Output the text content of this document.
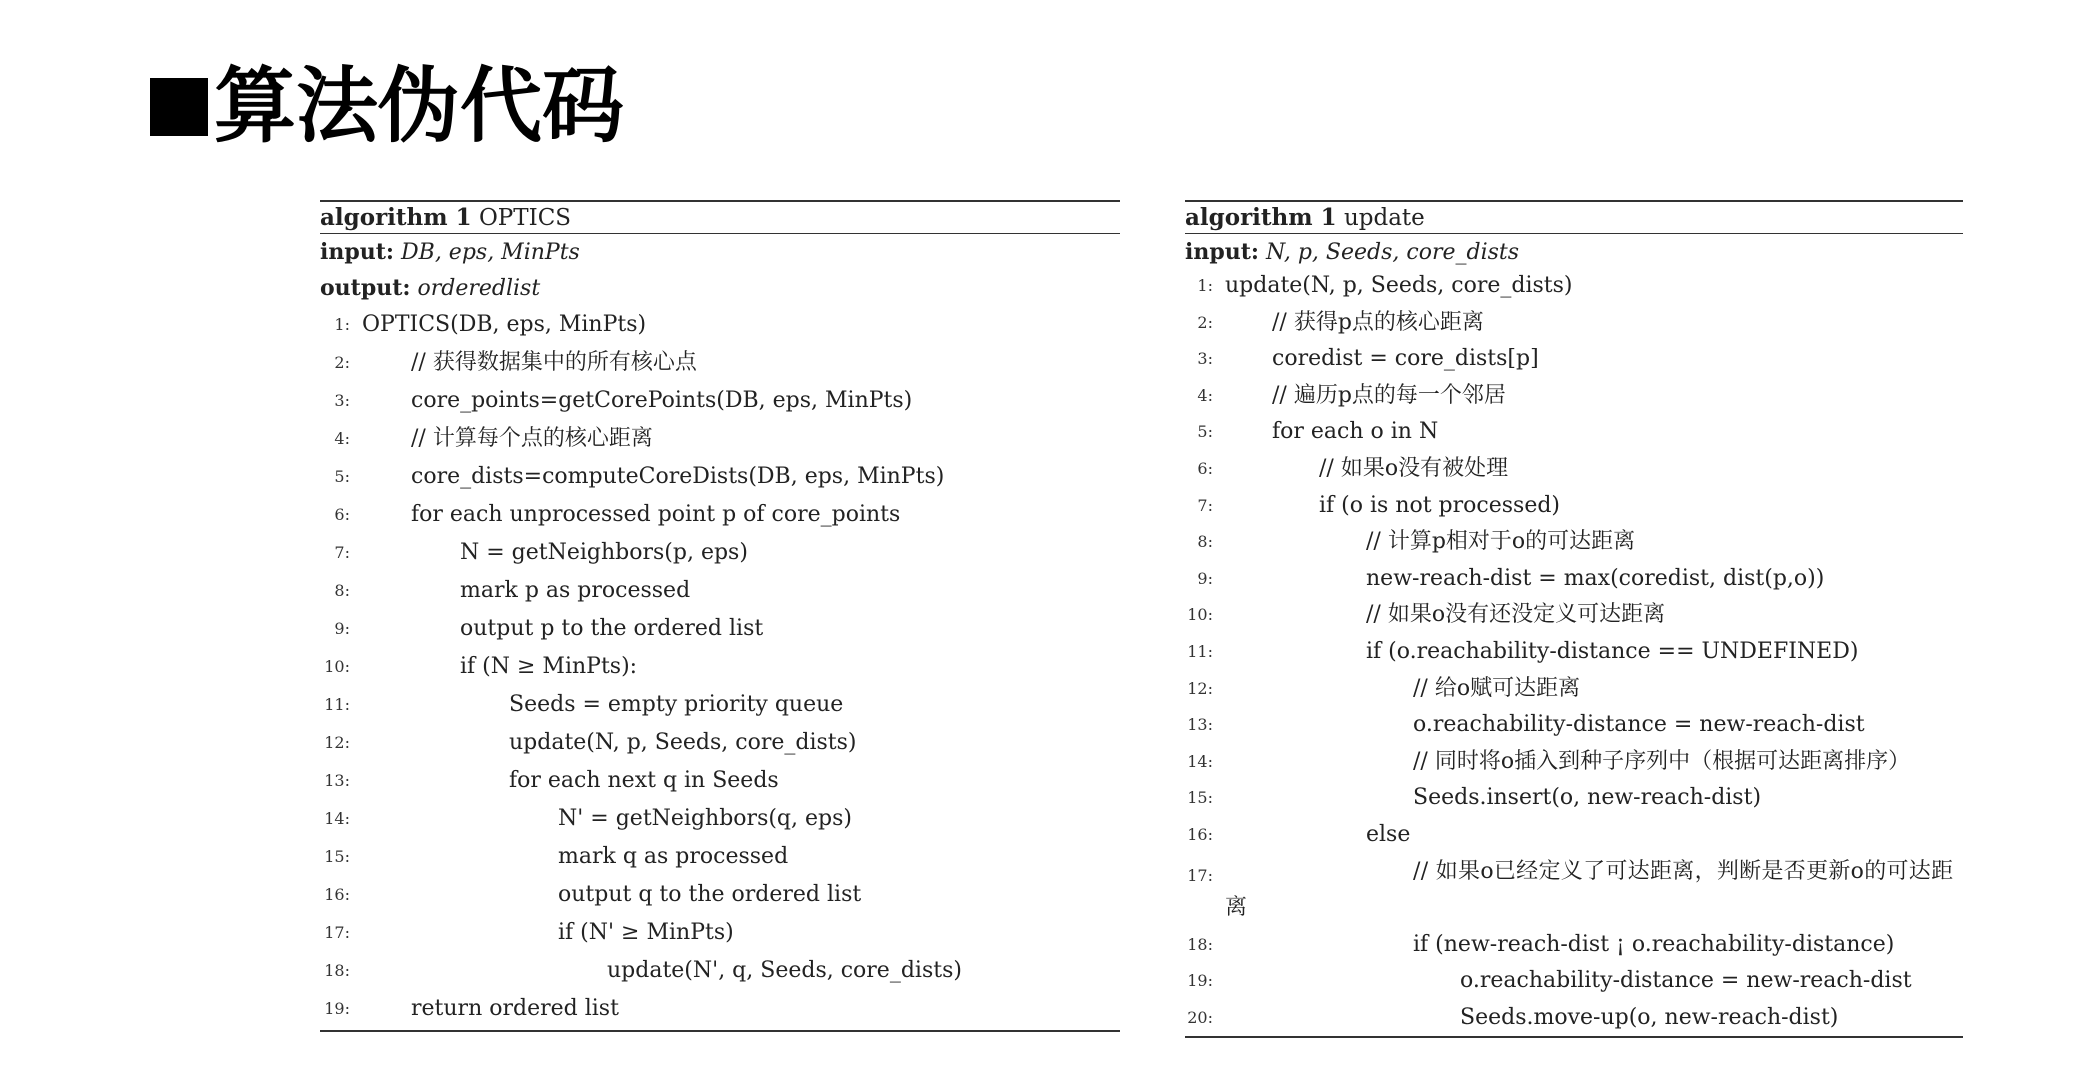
算法伪代码
algorithm 1 OPTICS
input: DB, eps, MinPts
output: orderedlist
1: OPTICS(DB, eps, MinPts)
2:	// 获得数据集中的所有核心点
3:	core_points=getCorePoints(DB, eps, MinPts)
4:	// 计算每个点的核心距离
5:	core_dists=computeCoreDists(DB, eps, MinPts)
6:	for each unprocessed point p of core_points
7:	N = getNeighbors(p, eps)
8:	mark p as processed
9:	output p to the ordered list
10:	if (N ≥ MinPts):
11:	Seeds = empty priority queue
12:	update(N, p, Seeds, core_dists)
13:	for each next q in Seeds
14:	N' = getNeighbors(q, eps)
15:	mark q as processed
16:	output q to the ordered list
17:	if (N' ≥ MinPts)
18:	update(N', q, Seeds, core_dists)
19:	return ordered list
algorithm 1 update
input: N, p, Seeds, core_dists
1: update(N, p, Seeds, core_dists)
2:	// 获得p点的核心距离
3:	coredist = core_dists[p]
4:	// 遍历p点的每一个邻居
5:	for each o in N
6:	// 如果o没有被处理
7:	if (o is not processed)
8:	// 计算p相对于o的可达距离
9:	new-reach-dist = max(coredist, dist(p,o))
10:	// 如果o没有还没定义可达距离
11:	if (o.reachability-distance == UNDEFINED)
12:	// 给o赋可达距离
13:	o.reachability-distance = new-reach-dist
14:	// 同时将o插入到种子序列中（根据可达距离排序）
15:	Seeds.insert(o, new-reach-dist)
16:	else
17:	// 如果o已经定义了可达距离，判断是否更新o的可达距离
18:	if (new-reach-dist ¡ o.reachability-distance)
19:	o.reachability-distance = new-reach-dist
20:	Seeds.move-up(o, new-reach-dist)
